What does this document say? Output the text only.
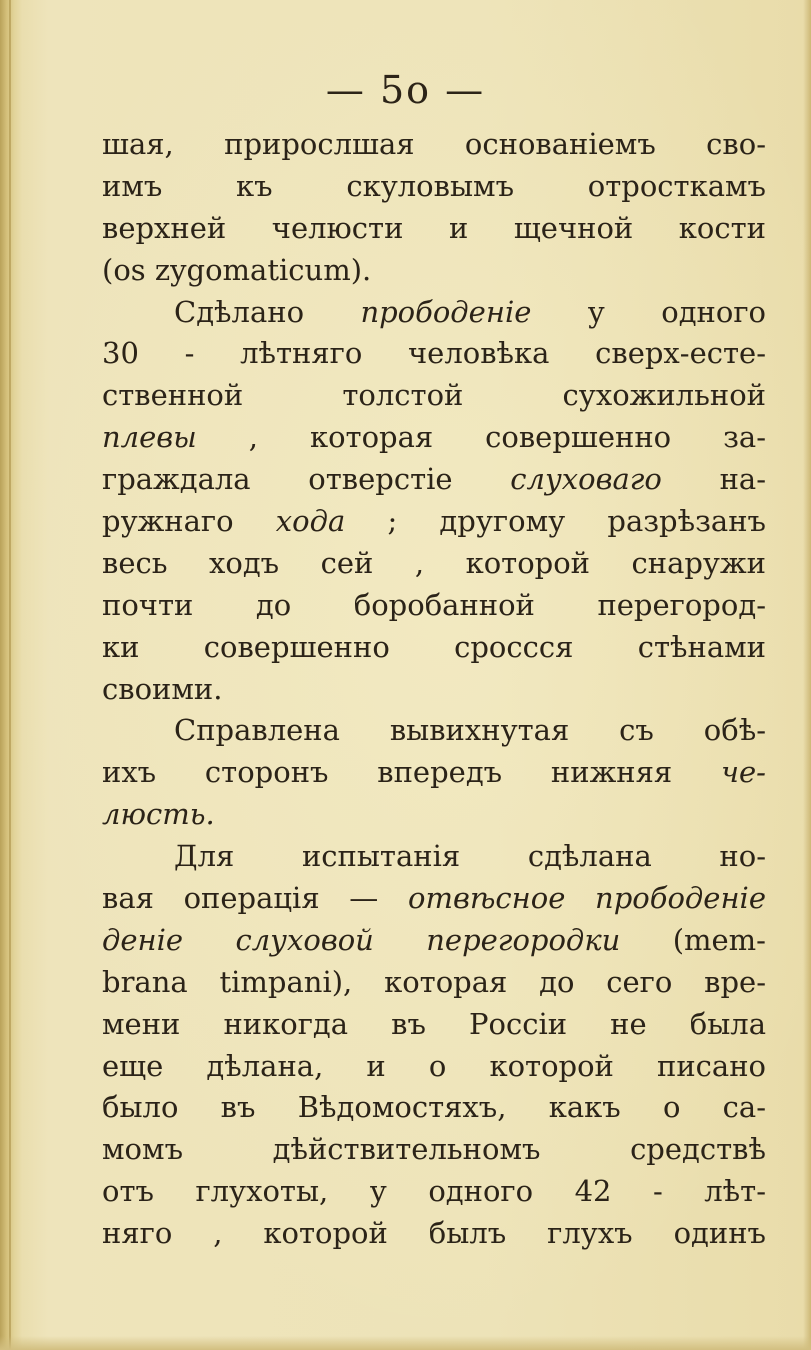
— 5о —
шая, прирослшая основаніемъ сво-
имъ къ скуловымъ отросткамъ
верхней челюсти и щечной кости
(os zygomaticum).
Сдѣлано прободеніе у одного
30 - лѣтняго человѣка сверх-есте-
ственной толстой сухожильной
плевы , которая совершенно за-
граждала отверстіе слуховаго на-
ружнаго хода ; другому разрѣзанъ
весь ходъ сей , которой снаружи
почти до боробанной перегород-
ки совершенно сроссся стѣнами
своими.
Справлена вывихнутая съ обѣ-
ихъ сторонъ впередъ нижняя че-
люсть.
Для испытанія сдѣлана но-
вая операція — отвѣсное прободеніе
деніе слуховой перегородки (mem-
brana timpani), которая до сего вре-
мени никогда въ Россіи не была
еще дѣлана, и о которой писано
было въ Вѣдомостяхъ, какъ о са-
момъ дѣйствительномъ средствѣ
отъ глухоты, у одного 42 - лѣт-
няго , которой былъ глухъ одинъ
